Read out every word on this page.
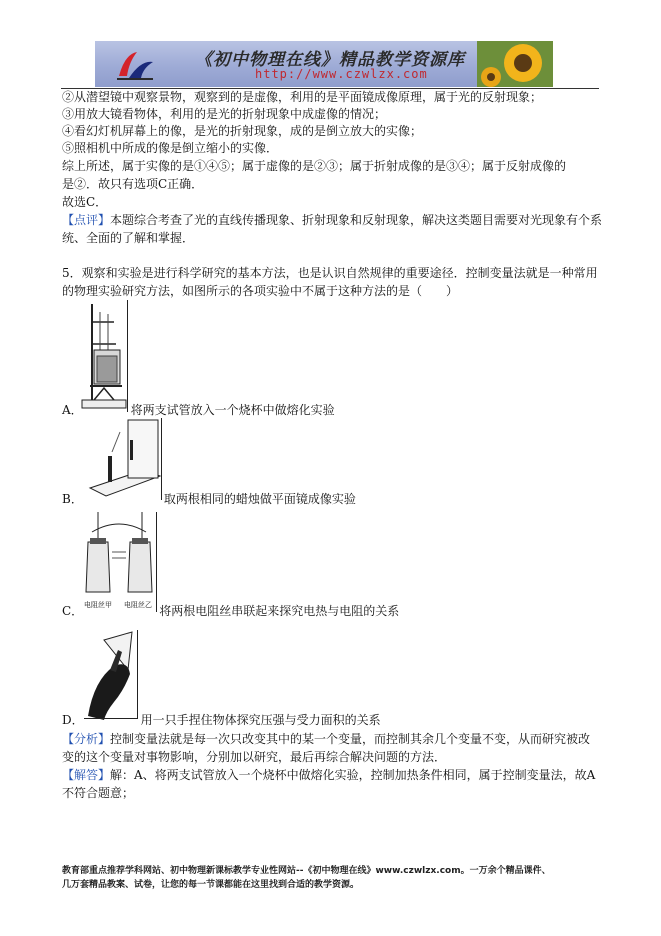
《初中物理在线》精品教学资源库
http://www.czwlzx.com
②从潜望镜中观察景物，观察到的是虚像，利用的是平面镜成像原理，属于光的反射现象；
③用放大镜看物体，利用的是光的折射现象中成虚像的情况；
④看幻灯机屏幕上的像，是光的折射现象，成的是倒立放大的实像；
⑤照相机中所成的像是倒立缩小的实像．
综上所述，属于实像的是①④⑤；属于虚像的是②③；属于折射成像的是③④；属于反射成像的
是②．故只有选项C正确．
故选C．
【点评】本题综合考查了光的直线传播现象、折射现象和反射现象，解决这类题目需要对光现象有个系
统、全面的了解和掌握．
5．观察和实验是进行科学研究的基本方法，也是认识自然规律的重要途径．控制变量法就是一种常用
的物理实验研究方法，如图所示的各项实验中不属于这种方法的是（　　）
A．	将两支试管放入一个烧杯中做熔化实验
B．	取两根相同的蜡烛做平面镜成像实验
电阻丝甲 电阻丝乙
C．	将两根电阻丝串联起来探究电热与电阻的关系
D．	用一只手捏住物体探究压强与受力面积的关系
【分析】控制变量法就是每一次只改变其中的某一个变量，而控制其余几个变量不变，从而研究被改
变的这个变量对事物影响，分别加以研究，最后再综合解决问题的方法．
【解答】解：A、将两支试管放入一个烧杯中做熔化实验，控制加热条件相同，属于控制变量法，故A
不符合题意；
教育部重点推荐学科网站、初中物理新课标教学专业性网站--《初中物理在线》www.czwlzx.com。一万余个精品课件、
几万套精品教案、试卷，让您的每一节课都能在这里找到合适的教学资源。
